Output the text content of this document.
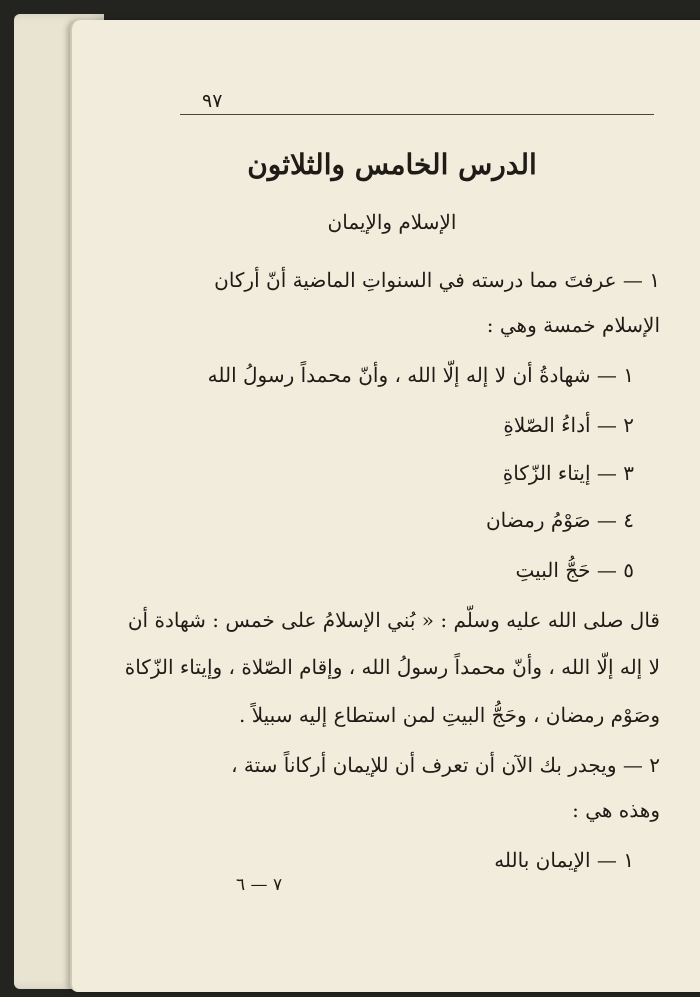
٩٧
الدرس الخامس والثلاثون
الإسلام والإيمان
١ — عرفتَ مما درسته في السنواتِ الماضية أنّ أركان
الإسلام خمسة وهي :
١ — شهادةُ أن لا إله إلّا الله ، وأنّ محمداً رسولُ الله
٢ — أداءُ الصّلاةِ
٣ — إيتاء الزّكاةِ
٤ — صَوْمُ رمضان
٥ — حَجُّ البيتِ
قال صلى الله عليه وسلّم : « بُني الإسلامُ على خمس : شهادة أن
لا إله إلّا الله ، وأنّ محمداً رسولُ الله ، وإقام الصّلاة ، وإيتاء الزّكاة
وصَوْم رمضان ، وحَجُّ البيتِ لمن استطاع إليه سبيلاً .
٢ — ويجدر بك الآن أن تعرف أن للإيمان أركاناً ستة ،
وهذه هي :
١ — الإيمان بالله
٧ — ٦
